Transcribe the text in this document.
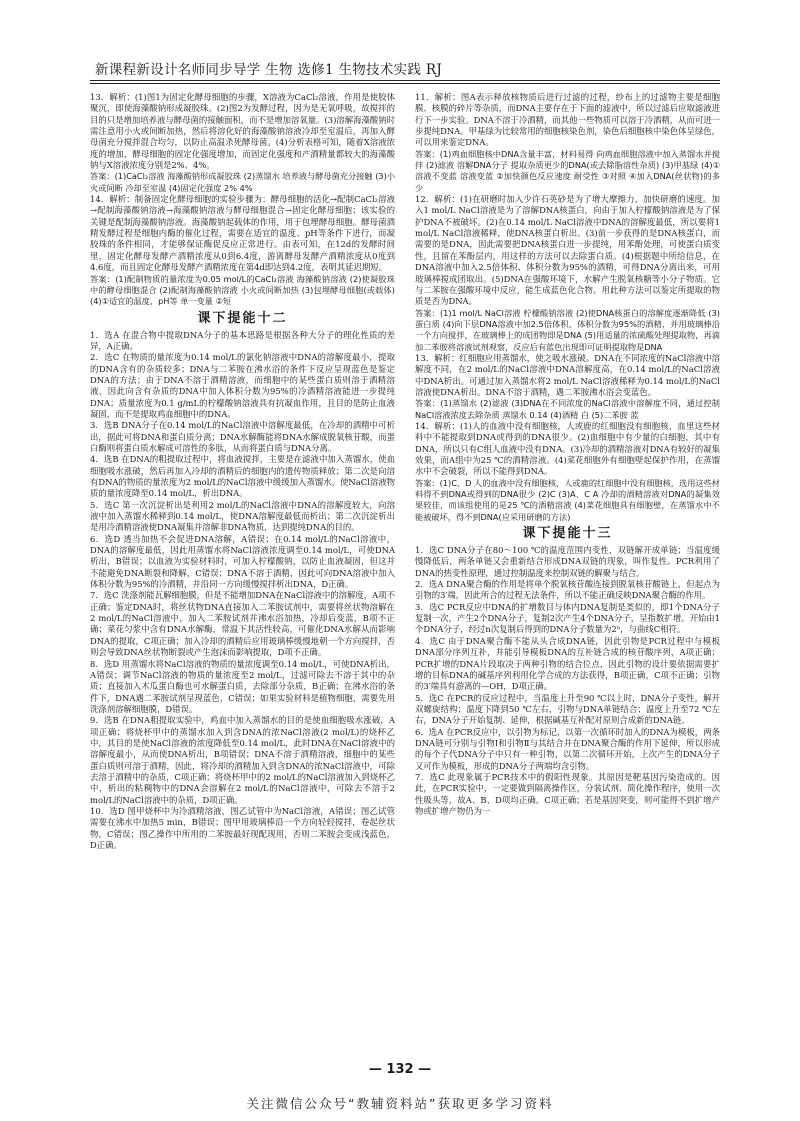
新课程新设计名师同步导学 生物 选修1 生物技术实践 RJ
13．解析：(1)图1为固定化酵母细胞的步骤，X溶液为CaCl₂溶液，作用是使胶体聚沉，即使海藻酸钠形成凝胶珠。(2)图2为发酵过程，因为是无氧呼吸，故搅拌的目的只是增加培养液与酵母菌的接触面积，而不是增加溶氧量。(3)溶解海藻酸钠时需注意用小火或间断加热，然后将溶化好的海藻酸钠溶液冷却至室温后，再加入酵母菌充分搅拌混合均匀，以防止高温杀死酵母菌。(4)分析表格可知，随着X溶液浓度的增加，酵母细胞的固定化强度增加，而固定化强度和产酒精量都较大的海藻酸钠与X溶液浓度分别是2%、4%。
答案：(1)CaCl₂溶液 海藻酸钠形成凝胶珠 (2)蒸馏水 培养液与酵母菌充分接触 (3)小火或间断 冷却至室温 (4)固定化强度 2% 4%
14．解析：制备固定化酵母细胞的实验步骤为：酵母细胞的活化→配制CaCl₂溶液→配制海藻酸钠溶液→海藻酸钠溶液与酵母细胞混合→固定化酵母细胞；该实验的关键是配制海藻酸钠溶液。海藻酸钠起载体的作用，用于包埋酵母细胞。酵母菌酒精发酵过程是细胞内酶的催化过程，需要在适宜的温度、pH等条件下进行，而凝胶珠的条件相同，才能够保证酶促反应正常进行。由表可知，在12d的发酵时间里，固定化酵母发酵产酒精浓度从0到6.4度，游离酵母发酵产酒精浓度从0度到4.6度，而且固定化酵母发酵产酒精浓度在第4d即达到4.2度，表明其延迟期短。
答案：(1)配制物质的量浓度为0.05 mol/L的CaCl₂溶液 海藻酸钠溶液 (2)使凝胶珠中的酵母细胞混合 (2)配制海藻酸钠溶液 小火或间断加热 (3)包埋酵母细胞(或载体) (4)①适宜的温度，pH等 单一变量 ②短
课下提能十二
1．选A 在混合物中提取DNA分子的基本思路是根据各种大分子的理化性质的差异，A正确。
2．选C 在物质的量浓度为0.14 mol/L的氯化钠溶液中DNA的溶解度最小，提取的DNA含有的杂质较多；DNA与二苯胺在沸水浴的条件下反应呈现蓝色是鉴定DNA的方法；由于DNA不溶于酒精溶液，而细胞中的某些蛋白质则溶于酒精溶液，因此向含有杂质的DNA中加入体积分数为95%的冷酒精溶液能进一步提纯DNA；质量浓度为0.1 g/mL的柠檬酸钠溶液具有抗凝血作用，且目的是防止血液凝固，而不是提取鸡血细胞中的DNA。
3．选B DNA分子在0.14 mol/L的NaCl溶液中溶解度最低，在冷却的酒精中可析出，据此可将DNA和蛋白质分离；DNA水解酶能将DNA水解成脱氧核苷酸，而蛋白酶则将蛋白质水解成可溶性的多肽，从而将蛋白质与DNA分离。
4．选B 在DNA的粗提取过程中，将血液搅拌，主要是在滤液中加入蒸馏水，使血细胞吸水涨破，然后再加入冷却的酒精后的细胞内的遗传物质释放；第二次是向溶有DNA的物质的量浓度为2 mol/L的NaCl溶液中缓缓加入蒸馏水，使NaCl溶液物质的量浓度降至0.14 mol/L，析出DNA。
5．选C 第一次沉淀析出是利用2 mol/L的NaCl溶液中DNA的溶解度较大，向溶液中加入蒸馏水稀释到0.14 mol/L，使DNA溶解度最低而析出；第二次沉淀析出是用冷酒精溶液使DNA凝集并溶解非DNA物质，达到提纯DNA的目的。
6．选D 透当加热不会促进DNA溶解，A错误；在0.14 mol/L的NaCl溶液中，DNA的溶解度最低，因此用蒸馏水将NaCl溶液浓度调至0.14 mol/L，可使DNA析出，B错误；以血液为实验材料时，可加入柠檬酸钠，以防止血液凝固，但这并不能避免DNA断裂和降解，C错误；DNA不溶于酒精，因此可向DNA溶液中加入体积分数为95%的冷酒精，并沿同一方向缓慢搅拌析出DNA，D正确。
7．选C 洗涤剂能瓦解细胞膜，但是不能增加DNA在NaCl溶液中的溶解度，A项不正确；鉴定DNA时，将丝状物DNA直接加入二苯胺试剂中，需要将丝状物溶解在2 mol/L的NaCl溶液中，加入二苯胺试剂并沸水浴加热，冷却后变蓝，B项不正确；菜花匀浆中含有DNA水解酶，常温下其活性较高，可催化DNA水解从而影响DNA的提取，C项正确；加入冷却的酒精后应用玻璃棒缓慢地朝一个方向搅拌，否则会导致DNA丝状物断裂或产生泡沫而影响提取，D项不正确。
8．选D 用蒸馏水将NaCl溶液的物质的量浓度调至0.14 mol/L，可使DNA析出，A错误；调节NaCl溶液的物质的量浓度至2 mol/L，过滤可除去不溶于其中的杂质；直接加入木瓜蛋白酶也可水解蛋白质，去除部分杂质，B正确；在沸水浴的条件下，DNA遇二苯胺试剂呈现蓝色，C错误；如果实验材料是植物细胞，需要先用洗涤剂溶解细胞膜，D错误。
9．选B 在DNA粗提取实验中，鸡血中加入蒸馏水的目的是使血细胞吸水涨破，A项正确；将烧杯甲中的蒸馏水加入到含DNA的浓NaCl溶液(2 mol/L)的烧杯乙中，其目的是使NaCl溶液的浓度降低至0.14 mol/L，此时DNA在NaCl溶液中的溶解度最小，从而使DNA析出，B项错误；DNA不溶于酒精溶液，细胞中的某些蛋白质则可溶于酒精，因此，将冷却的酒精加入到含DNA的浓NaCl溶液中，可除去溶于酒精中的杂质，C项正确；将烧杯甲中的2 mol/L的NaCl溶液加入到烧杯乙中，析出的粘稠物中的DNA会溶解在2 mol/L的NaCl溶液中，可除去不溶于2 mol/L的NaCl溶液中的杂质，D项正确。
10．选D 图甲烧杯中为冷酒精溶液，图乙试管中为NaCl溶液，A错误；图乙试管需要在沸水中加热5 min，B错误；图甲用玻璃棒沿一个方向轻轻搅拌，卷起丝状物，C错误；图乙操作中所用的二苯胺最好现配现用，否则二苯胺会变成浅蓝色，D正确。
11．解析：图A表示释放核物质后进行过滤的过程，纱布上的过滤物主要是细胞膜、核膜的碎片等杂质，而DNA主要存在于下面的滤液中，所以过滤后应取滤液进行下一步实验。DNA不溶于冷酒精，而其他一些物质可以溶于冷酒精，从而可进一步提纯DNA。甲基绿为比较常用的细胞核染色剂，染色后细胞核中染色体呈绿色，可以用来鉴定DNA。
答案：(1)鸡血细胞核中DNA含量丰富，材料易得 向鸡血细胞溶液中加入蒸馏水并搅拌 (2)滤液 溶解DNA分子 提取杂质更少的DNA(或去除脂溶性杂质) (3)甲基绿 (4)①溶液不变蓝 溶液变蓝 ②加快颜色反应速度 耐受性 ③对照 ④加入DNA(丝状物)的多少
12．解析：(1)在研磨时加入少许石英砂是为了增大摩擦力，加快研磨的速度。加入1 mol/L NaCl溶液是为了溶解DNA核蛋白，向由于加入柠檬酸钠溶液是为了保护DNA不被破坏。(2)在0.14 mol/L NaCl溶液中DNA的溶解度最低，所以要将1 mol/L NaCl溶液稀释，使DNA核蛋白析出。(3)前一步获得的是DNA核蛋白，而需要的是DNA，因此需要把DNA核蛋白进一步提纯，用苯酚处理，可使蛋白质变性，且留在苯酚层内，用这样的方法可以去除蛋白质。(4)根据题中所给信息，在DNA溶液中加入2.5倍体积、体积分数为95%的酒精，可得DNA分离出来，可用玻璃棒搅成团取出。(5)DNA在强酸环境下，水解产生脱氧核糖等小分子物质。它与二苯胺在强酸环境中反应，能生成蓝色化合物。用此种方法可以鉴定所提取的物质是否为DNA。
答案：(1)1 mol/L NaCl溶液 柠檬酸钠溶液 (2)使DNA核蛋白的溶解度逐渐降低 (3)蛋白质 (4)向下层DNA溶液中加2.5倍体积、体积分数为95%的酒精，并用玻璃棒沿一个方向搅拌，在玻璃棒上的成团物即是DNA (5)用适量的浓硫酸处理提取物，再滴加二苯胺将溶液试剂观察，反应后有蓝色出现即可证明提取物是DNA
13．解析：红细胞应用蒸馏水，使之吸水涨破。DNA在不同浓度的NaCl溶液中溶解度不同，在2 mol/L的NaCl溶液中DNA溶解度高，在0.14 mol/L的NaCl溶液中DNA析出。可通过加入蒸馏水将2 mol/L NaCl溶液稀释为0.14 mol/L的NaCl溶液使DNA析出。DNA不溶于酒精，遇二苯胺沸水浴会变蓝色。
答案：(1)蒸馏水 (2)滤液 (3)DNA在不同浓度的NaCl溶液中溶解度不同，通过控制NaCl溶液浓度去除杂质 蒸馏水 0.14 (4)酒精 白 (5)二苯胺 蓝
14．解析：(1)人的血液中没有细胞核，人或鹿的红细胞没有细胞核，血里这些材料中不能提取到DNA或得到的DNA很少。(2)血细胞中有少量的白细胞，其中有DNA，所以只有C组人血液中没有DNA。(3)冷却的酒精溶液对DNA有较好的凝集效果，而A组中为25 ℃的酒精溶液。(4)菜花细胞外有细胞壁起保护作用，在蒸馏水中不会破裂，所以不能得到DNA。
答案：(1)C、D 人的血液中没有细胞核，人或鹿的红细胞中没有细胞核，选用这些材料得不到DNA或得到的DNA很少 (2)C (3)A、C A 冷却的酒精溶液对DNA的凝集效果较佳，而该组使用的是25 ℃的酒精溶液 (4)菜花细胞具有细胞壁，在蒸馏水中不能被破坏，得不到DNA(应采用研磨的方法)
课下提能十三
1．选C DNA分子在80～100 ℃的温度范围内变性，双链解开成单链；当温度缓慢降低后，两条单链又会重新结合形成DNA双链的现象，叫作复性。PCR利用了DNA的热变性原理，通过控制温度来控制双链的解聚与结合。
2．选A DNA聚合酶的作用是将单个脱氧核苷酸连接到脱氧核苷酸链上，但起点为引物的3′端，因此所合的过程无法条件，所以不能正确反映DNA聚合酶的作用。
3．选C PCR反应中DNA的扩增数目与体内DNA复制是类似的，即1个DNA分子复制一次，产生2个DNA分子，复制2次产生4个DNA分子，呈指数扩增。开始由1个DNA分子，经过n次复制后得到的DNA分子数量为2ⁿ，与曲线C相符。
4．选C 由于DNA聚合酶不能从头合成DNA链，因此引物是PCR过程中与模板DNA部分序列互补，并能引导模板DNA的互补链合成的核苷酸序列，A项正确；PCR扩增的DNA片段取决于两种引物的结合位点，因此引物的设计要依据需要扩增的目标DNA的碱基序列利用化学合成的方法获得，B项正确，C项不正确；引物的3′端具有游离的—OH，D项正确。
5．选C 在PCR的反应过程中，当温度上升至90 ℃以上时，DNA分子变性，解开双螺旋结构；温度下降到50 ℃左右，引物与DNA单链结合；温度上升至72 ℃左右，DNA分子开始复制、延伸，根据碱基互补配对原则合成新的DNA链。
6．选A 在PCR反应中，以引物为标记，以第一次循环时加入的DNA为模板，两条DNA链可分别与引物Ⅰ和引物Ⅱ与其结合并在DNA聚合酶的作用下延伸，所以形成的每个子代DNA分子中只有一种引物，以第二次循环开始，上次产生的DNA分子又可作为模板，形成的DNA分子两端均含引物。
7．选C 此现象属于PCR技术中的假阳性现象。其原因是靶基因污染造成的。因此，在PCR实验中，一定要做到隔离操作区，分装试剂、简化操作程序，使用一次性吸头等，故A、B、D项均正确。C项正确；若是基因突变，则可能得不到扩增产物或扩增产物仍为一
— 132 —
关注微信公众号“教辅资料站”获取更多学习资料
